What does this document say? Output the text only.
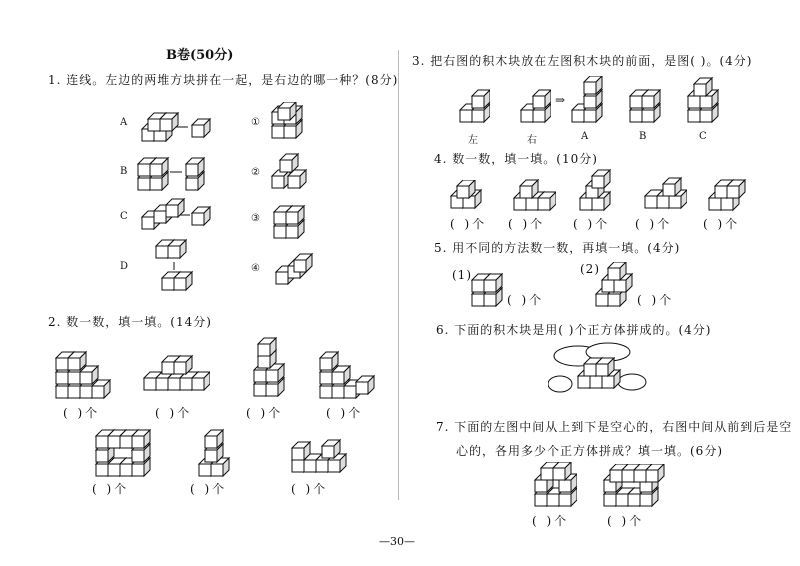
B卷(50分)
1. 连线。左边的两堆方块拼在一起，是右边的哪一种？(8分)
A
B
C
D
①
②
③
④
2. 数一数，填一填。(14分)
( )个	( )个	( )个	( )个
( )个	( )个	( )个
3. 把右图的积木块放在左图积木块的前面，是图( )。(4分)
⇒
左	右	A	B	C
4. 数一数，填一填。(10分)
( )个 ( )个 ( )个 ( )个	( )个
5. 用不同的方法数一数，再填一填。(4分)
(1)
( )个
(2)
( )个
6. 下面的积木块是用( )个正方体拼成的。(4分)
7. 下面的左图中间从上到下是空心的，右图中间从前到后是空
心的，各用多少个正方体拼成？填一填。(6分)
( )个	( )个
—30—
